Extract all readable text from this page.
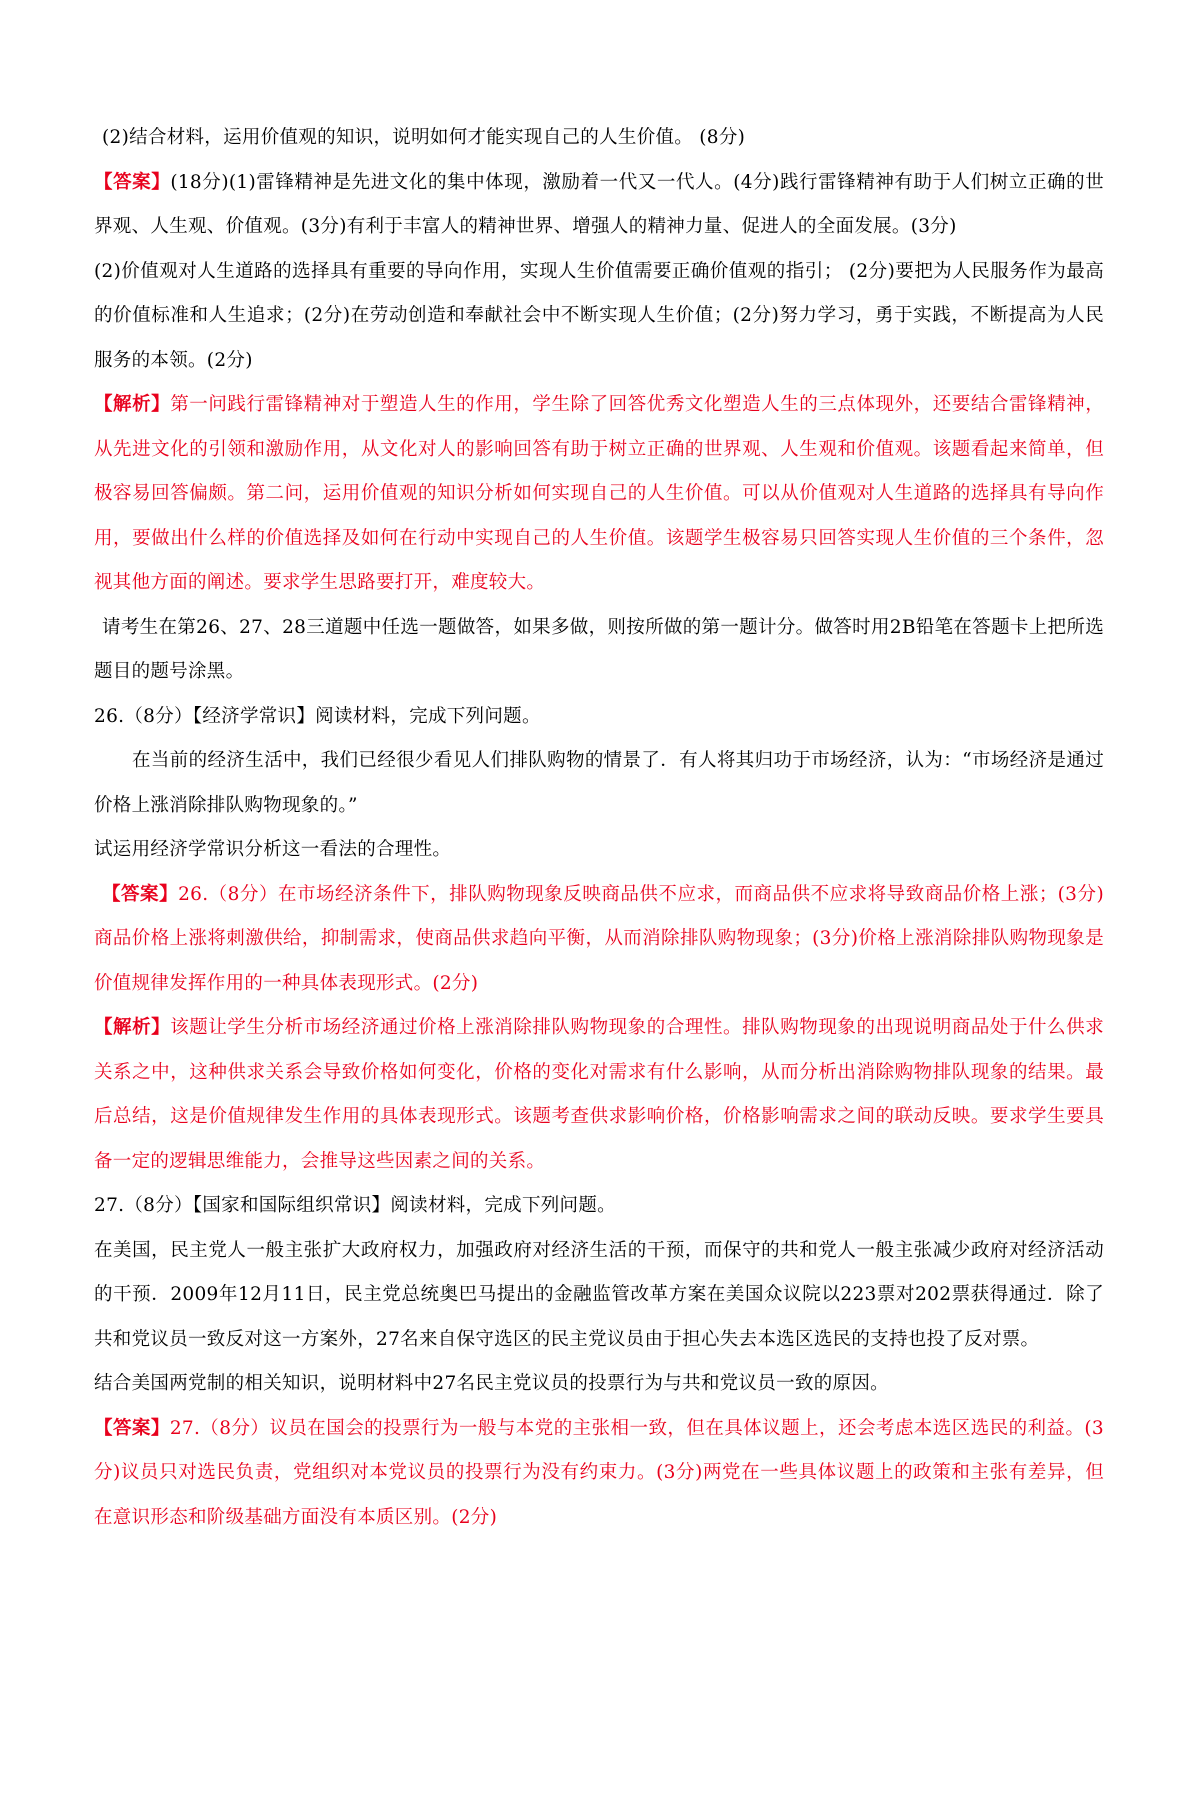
(2)结合材料，运用价值观的知识，说明如何才能实现自己的人生价值。 (8分)

【答案】(18分)(1)雷锋精神是先进文化的集中体现，激励着一代又一代人。(4分)践行雷锋精神有助于人们树立正确的世界观、人生观、价值观。(3分)有利于丰富人的精神世界、增强人的精神力量、促进人的全面发展。(3分)

(2)价值观对人生道路的选择具有重要的导向作用，实现人生价值需要正确价值观的指引； (2分)要把为人民服务作为最高的价值标准和人生追求；(2分)在劳动创造和奉献社会中不断实现人生价值；(2分)努力学习，勇于实践，不断提高为人民服务的本领。(2分)

【解析】第一问践行雷锋精神对于塑造人生的作用，学生除了回答优秀文化塑造人生的三点体现外，还要结合雷锋精神，从先进文化的引领和激励作用，从文化对人的影响回答有助于树立正确的世界观、人生观和价值观。该题看起来简单，但极容易回答偏颇。第二问，运用价值观的知识分析如何实现自己的人生价值。可以从价值观对人生道路的选择具有导向作用，要做出什么样的价值选择及如何在行动中实现自己的人生价值。该题学生极容易只回答实现人生价值的三个条件，忽视其他方面的阐述。要求学生思路要打开，难度较大。

请考生在第26、27、28三道题中任选一题做答，如果多做，则按所做的第一题计分。做答时用2B铅笔在答题卡上把所选题目的题号涂黑。

26.（8分）【经济学常识】阅读材料，完成下列问题。

在当前的经济生活中，我们已经很少看见人们排队购物的情景了．有人将其归功于市场经济，认为：“市场经济是通过价格上涨消除排队购物现象的。”

试运用经济学常识分析这一看法的合理性。

【答案】26.（8分）在市场经济条件下，排队购物现象反映商品供不应求，而商品供不应求将导致商品价格上涨；(3分)商品价格上涨将刺激供给，抑制需求，使商品供求趋向平衡，从而消除排队购物现象；(3分)价格上涨消除排队购物现象是价值规律发挥作用的一种具体表现形式。(2分)

【解析】该题让学生分析市场经济通过价格上涨消除排队购物现象的合理性。排队购物现象的出现说明商品处于什么供求关系之中，这种供求关系会导致价格如何变化，价格的变化对需求有什么影响，从而分析出消除购物排队现象的结果。最后总结，这是价值规律发生作用的具体表现形式。该题考查供求影响价格，价格影响需求之间的联动反映。要求学生要具备一定的逻辑思维能力，会推导这些因素之间的关系。

27.（8分）【国家和国际组织常识】阅读材料，完成下列问题。

在美国，民主党人一般主张扩大政府权力，加强政府对经济生活的干预，而保守的共和党人一般主张减少政府对经济活动的干预．2009年12月11日，民主党总统奥巴马提出的金融监管改革方案在美国众议院以223票对202票获得通过．除了共和党议员一致反对这一方案外，27名来自保守选区的民主党议员由于担心失去本选区选民的支持也投了反对票。

结合美国两党制的相关知识，说明材料中27名民主党议员的投票行为与共和党议员一致的原因。

【答案】27.（8分）议员在国会的投票行为一般与本党的主张相一致，但在具体议题上，还会考虑本选区选民的利益。(3分)议员只对选民负责，党组织对本党议员的投票行为没有约束力。(3分)两党在一些具体议题上的政策和主张有差异，但在意识形态和阶级基础方面没有本质区别。(2分)
